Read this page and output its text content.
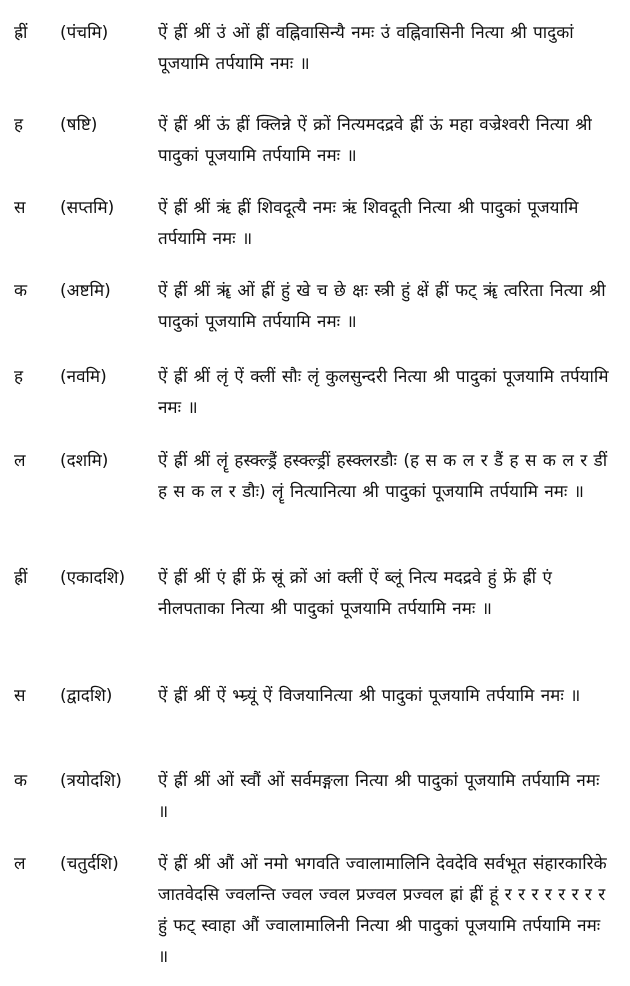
ह्रीं (पंचमि)	ऐं ह्रीं श्रीं उं ओं ह्रीं वह्निवासिन्यै नमः उं वह्निवासिनी नित्या श्री पादुकां पूजयामि तर्पयामि नमः ॥
ह (षष्टि)	ऐं ह्रीं श्रीं ऊं ह्रीं क्लिन्ने ऐं क्रों नित्यमदद्रवे ह्रीं ऊं महा वज्रेश्वरी नित्या श्री पादुकां पूजयामि तर्पयामि नमः ॥
स (सप्तमि)	ऐं ह्रीं श्रीं ऋं ह्रीं शिवदूत्यै नमः ऋं शिवदूती नित्या श्री पादुकां पूजयामि तर्पयामि नमः ॥
क (अष्टमि)	ऐं ह्रीं श्रीं ॠं ओं ह्रीं हुं खे च छे क्षः स्त्री हुं क्षें ह्रीं फट् ॠं त्वरिता नित्या श्री पादुकां पूजयामि तर्पयामि नमः ॥
ह (नवमि)	ऐं ह्रीं श्रीं लृं ऐं क्लीं सौः लृं कुलसुन्दरी नित्या श्री पादुकां पूजयामि तर्पयामि नमः ॥
ल (दशमि)	ऐं ह्रीं श्रीं लॄं हस्क्ल्ड्रैं हस्क्ल्ड्रीं हस्क्लरडौः (ह स क ल र डैं ह स क ल र डीं ह स क ल र डौः) लॄं नित्यानित्या श्री पादुकां पूजयामि तर्पयामि नमः ॥
ह्रीं (एकादशि) ऐं ह्रीं श्रीं एं ह्रीं फ्रें स्रूं क्रों आं क्लीं ऐं ब्लूं नित्य मदद्रवे हुं फ्रें ह्रीं एं नीलपताका नित्या श्री पादुकां पूजयामि तर्पयामि नमः ॥
स (द्वादशि)	ऐं ह्रीं श्रीं ऐं भ्म्र्यूं ऐं विजयानित्या श्री पादुकां पूजयामि तर्पयामि नमः ॥
क (त्रयोदशि) ऐं ह्रीं श्रीं ओं स्वौं ओं सर्वमङ्गला नित्या श्री पादुकां पूजयामि तर्पयामि नमः ॥
ल (चतुर्दशि) ऐं ह्रीं श्रीं औं ओं नमो भगवति ज्वालामालिनि देवदेवि सर्वभूत संहारकारिके जातवेदसि ज्वलन्ति ज्वल ज्वल प्रज्वल प्रज्वल ह्रां ह्रीं हूं र र र र र र र र हुं फट् स्वाहा औं ज्वालामालिनी नित्या श्री पादुकां पूजयामि तर्पयामि नमः ॥
